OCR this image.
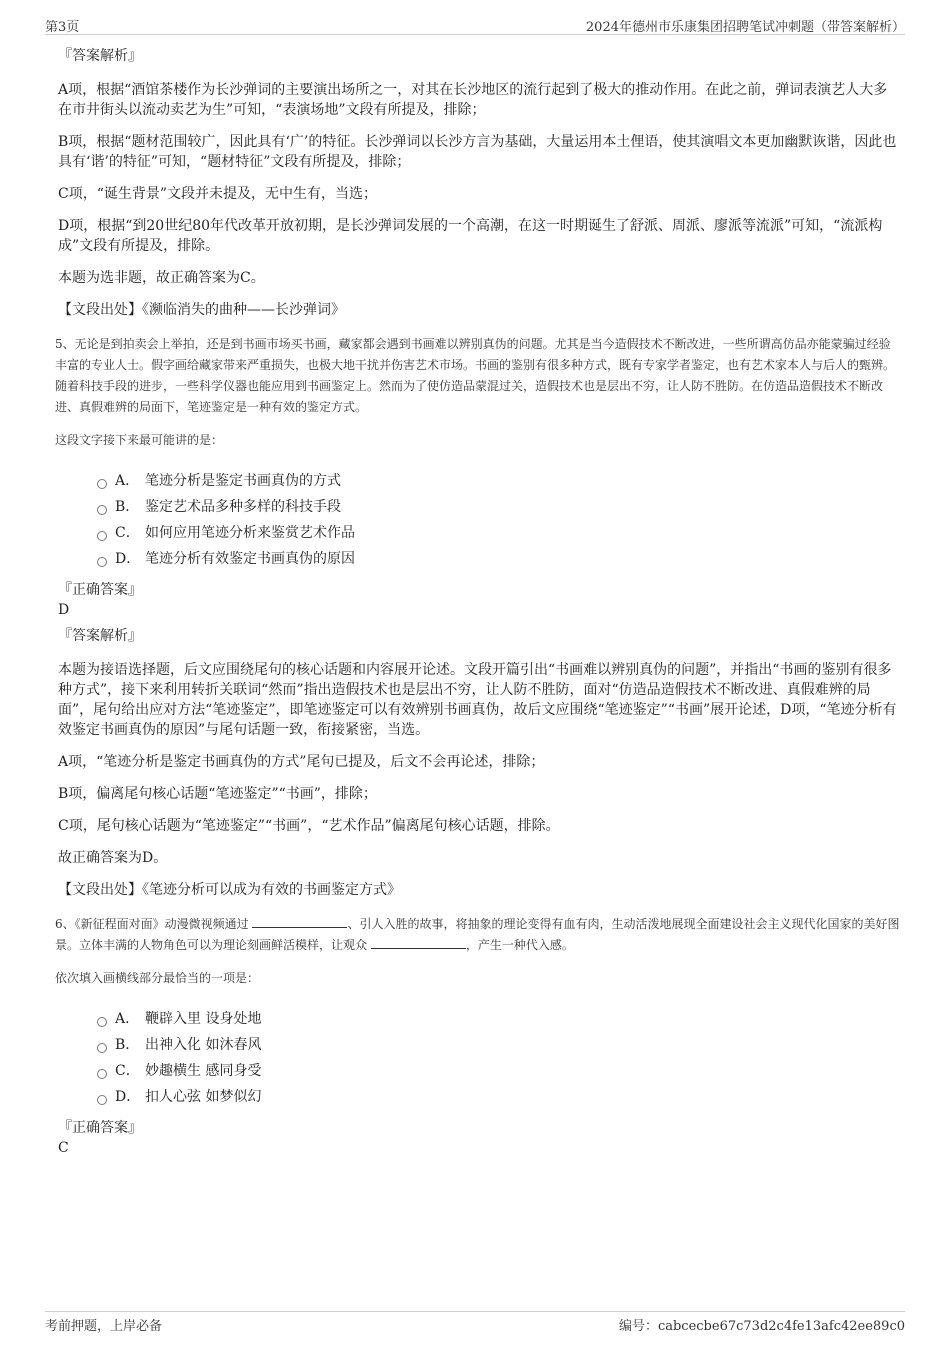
第3页	2024年德州市乐康集团招聘笔试冲刺题（带答案解析）
『答案解析』

A项，根据“酒馆茶楼作为长沙弹词的主要演出场所之一，对其在长沙地区的流行起到了极大的推动作用。在此之前，弹词表演艺人大多在市井街头以流动卖艺为生”可知，“表演场地”文段有所提及，排除；

B项，根据“题材范围较广，因此具有‘广’的特征。长沙弹词以长沙方言为基础，大量运用本土俚语，使其演唱文本更加幽默诙谐，因此也具有‘谐’的特征”可知，“题材特征”文段有所提及，排除；

C项，“诞生背景”文段并未提及，无中生有，当选；

D项，根据“到20世纪80年代改革开放初期，是长沙弹词发展的一个高潮，在这一时期诞生了舒派、周派、廖派等流派”可知，“流派构成”文段有所提及，排除。

本题为选非题，故正确答案为C。

【文段出处】《濒临消失的曲种——长沙弹词》

5、无论是到拍卖会上举拍，还是到书画市场买书画，藏家都会遇到书画难以辨别真伪的问题。尤其是当今造假技术不断改进，一些所谓高仿品亦能蒙骗过经验丰富的专业人士。假字画给藏家带来严重损失，也极大地干扰并伤害艺术市场。书画的鉴别有很多种方式，既有专家学者鉴定，也有艺术家本人与后人的甄辨。随着科技手段的进步，一些科学仪器也能应用到书画鉴定上。然而为了使仿造品蒙混过关，造假技术也是层出不穷，让人防不胜防。在仿造品造假技术不断改进、真假难辨的局面下，笔迹鉴定是一种有效的鉴定方式。

这段文字接下来最可能讲的是：

A． 笔迹分析是鉴定书画真伪的方式
B． 鉴定艺术品多种多样的科技手段
C． 如何应用笔迹分析来鉴赏艺术作品
D． 笔迹分析有效鉴定书画真伪的原因
『正确答案』
D
『答案解析』

本题为接语选择题，后文应围绕尾句的核心话题和内容展开论述。文段开篇引出“书画难以辨别真伪的问题”，并指出“书画的鉴别有很多种方式”，接下来利用转折关联词“然而”指出造假技术也是层出不穷，让人防不胜防，面对“仿造品造假技术不断改进、真假难辨的局面”，尾句给出应对方法“笔迹鉴定”，即笔迹鉴定可以有效辨别书画真伪，故后文应围绕“笔迹鉴定”“书画”展开论述，D项，“笔迹分析有效鉴定书画真伪的原因”与尾句话题一致，衔接紧密，当选。

A项，“笔迹分析是鉴定书画真伪的方式”尾句已提及，后文不会再论述，排除；

B项，偏离尾句核心话题“笔迹鉴定”“书画”，排除；

C项，尾句核心话题为“笔迹鉴定”“书画”，“艺术作品”偏离尾句核心话题，排除。

故正确答案为D。

【文段出处】《笔迹分析可以成为有效的书画鉴定方式》

6、《新征程面对面》动漫微视频通过	、引人入胜的故事，将抽象的理论变得有血有肉，生动活泼地展现全面建设社会主义现代化国家的美好图景。立体丰满的人物角色可以为理论刻画鲜活模样，让观众	，产生一种代入感。

依次填入画横线部分最恰当的一项是：

A． 鞭辟入里 设身处地
B． 出神入化 如沐春风
C． 妙趣横生 感同身受
D． 扣人心弦 如梦似幻
『正确答案』
C
考前押题，上岸必备	编号：cabcecbe67c73d2c4fe13afc42ee89c0
